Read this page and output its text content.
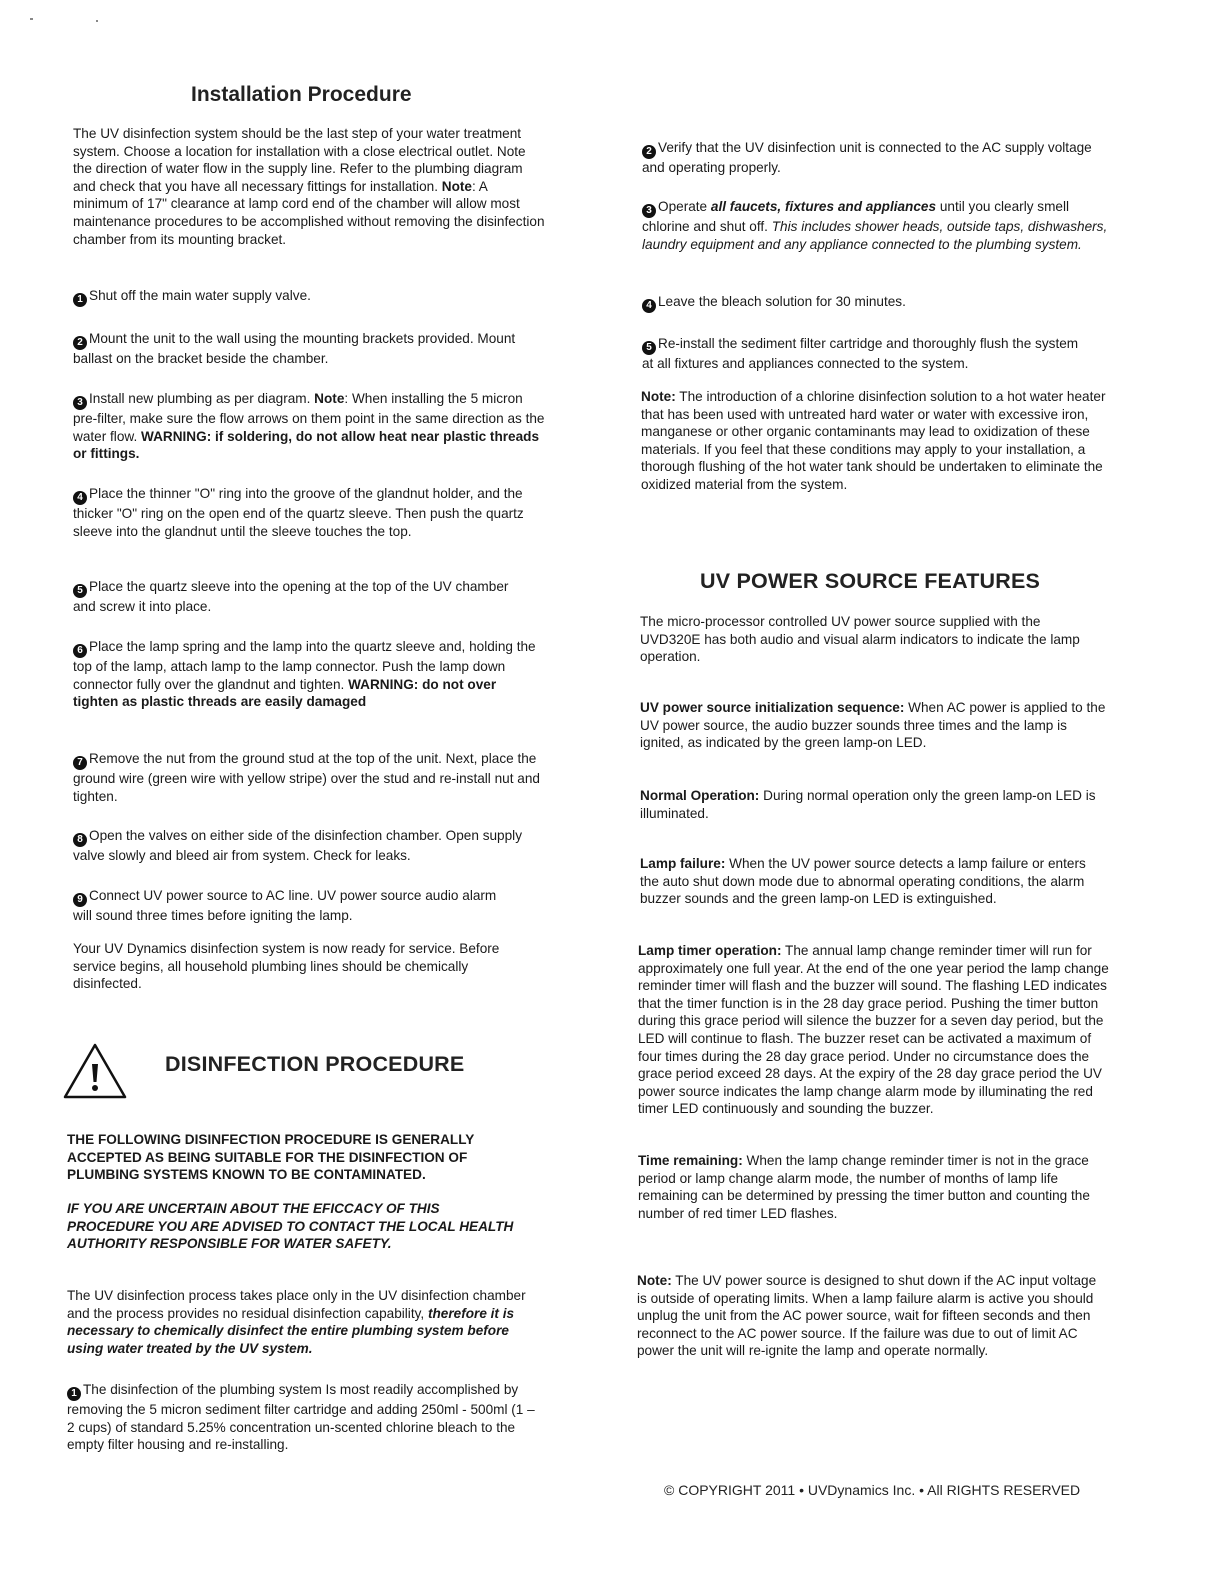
Installation Procedure

The UV disinfection system should be the last step of your water treatment system. Choose a location for installation with a close electrical outlet. Note the direction of water flow in the supply line. Refer to the plumbing diagram and check that you have all necessary fittings for installation. Note: A minimum of 17" clearance at lamp cord end of the chamber will allow most maintenance procedures to be accomplished without removing the disinfection chamber from its mounting bracket.

1 Shut off the main water supply valve.

2 Mount the unit to the wall using the mounting brackets provided. Mount ballast on the bracket beside the chamber.

3 Install new plumbing as per diagram. Note: When installing the 5 micron pre-filter, make sure the flow arrows on them point in the same direction as the water flow. WARNING: if soldering, do not allow heat near plastic threads or fittings.

4 Place the thinner "O" ring into the groove of the glandnut holder, and the thicker "O" ring on the open end of the quartz sleeve. Then push the quartz sleeve into the glandnut until the sleeve touches the top.

5 Place the quartz sleeve into the opening at the top of the UV chamber and screw it into place.

6 Place the lamp spring and the lamp into the quartz sleeve and, holding the top of the lamp, attach lamp to the lamp connector. Push the lamp down connector fully over the glandnut and tighten. WARNING: do not over tighten as plastic threads are easily damaged

7 Remove the nut from the ground stud at the top of the unit. Next, place the ground wire (green wire with yellow stripe) over the stud and re-install nut and tighten.

8 Open the valves on either side of the disinfection chamber. Open supply valve slowly and bleed air from system. Check for leaks.

9 Connect UV power source to AC line. UV power source audio alarm will sound three times before igniting the lamp.

Your UV Dynamics disinfection system is now ready for service. Before service begins, all household plumbing lines should be chemically disinfected.

DISINFECTION PROCEDURE

THE FOLLOWING DISINFECTION PROCEDURE IS GENERALLY ACCEPTED AS BEING SUITABLE FOR THE DISINFECTION OF PLUMBING SYSTEMS KNOWN TO BE CONTAMINATED.

IF YOU ARE UNCERTAIN ABOUT THE EFICCACY OF THIS PROCEDURE YOU ARE ADVISED TO CONTACT THE LOCAL HEALTH AUTHORITY RESPONSIBLE FOR WATER SAFETY.

The UV disinfection process takes place only in the UV disinfection chamber and the process provides no residual disinfection capability, therefore it is necessary to chemically disinfect the entire plumbing system before using water treated by the UV system.

1 The disinfection of the plumbing system Is most readily accomplished by removing the 5 micron sediment filter cartridge and adding 250ml - 500ml (1 –2 cups) of standard 5.25% concentration un-scented chlorine bleach to the empty filter housing and re-installing.

2 Verify that the UV disinfection unit is connected to the AC supply voltage and operating properly.

3 Operate all faucets, fixtures and appliances until you clearly smell chlorine and shut off. This includes shower heads, outside taps, dishwashers, laundry equipment and any appliance connected to the plumbing system.

4 Leave the bleach solution for 30 minutes.

5 Re-install the sediment filter cartridge and thoroughly flush the system at all fixtures and appliances connected to the system.

Note: The introduction of a chlorine disinfection solution to a hot water heater that has been used with untreated hard water or water with excessive iron, manganese or other organic contaminants may lead to oxidization of these materials. If you feel that these conditions may apply to your installation, a thorough flushing of the hot water tank should be undertaken to eliminate the oxidized material from the system.

UV POWER SOURCE FEATURES

The micro-processor controlled UV power source supplied with the UVD320E has both audio and visual alarm indicators to indicate the lamp operation.

UV power source initialization sequence: When AC power is applied to the UV power source, the audio buzzer sounds three times and the lamp is ignited, as indicated by the green lamp-on LED.

Normal Operation: During normal operation only the green lamp-on LED is illuminated.

Lamp failure: When the UV power source detects a lamp failure or enters the auto shut down mode due to abnormal operating conditions, the alarm buzzer sounds and the green lamp-on LED is extinguished.

Lamp timer operation: The annual lamp change reminder timer will run for approximately one full year. At the end of the one year period the lamp change reminder timer will flash and the buzzer will sound. The flashing LED indicates that the timer function is in the 28 day grace period. Pushing the timer button during this grace period will silence the buzzer for a seven day period, but the LED will continue to flash. The buzzer reset can be activated a maximum of four times during the 28 day grace period. Under no circumstance does the grace period exceed 28 days. At the expiry of the 28 day grace period the UV power source indicates the lamp change alarm mode by illuminating the red timer LED continuously and sounding the buzzer.

Time remaining: When the lamp change reminder timer is not in the grace period or lamp change alarm mode, the number of months of lamp life remaining can be determined by pressing the timer button and counting the number of red timer LED flashes.

Note: The UV power source is designed to shut down if the AC input voltage is outside of operating limits. When a lamp failure alarm is active you should unplug the unit from the AC power source, wait for fifteen seconds and then reconnect to the AC power source. If the failure was due to out of limit AC power the unit will re-ignite the lamp and operate normally.

© COPYRIGHT 2011 • UVDynamics Inc. • All RIGHTS RESERVED
